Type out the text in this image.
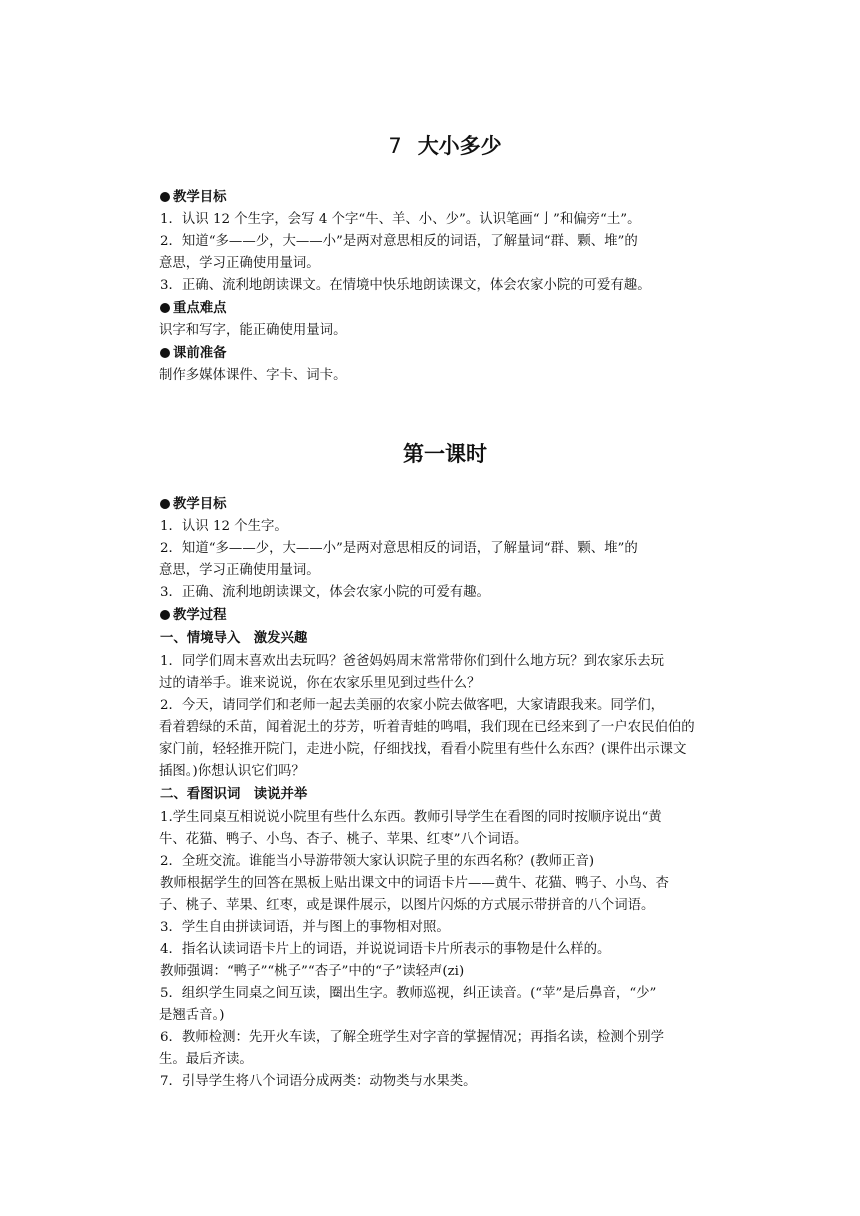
7 大小多少
教学目标
1．认识 12 个生字，会写 4 个字“牛、羊、小、少”。认识笔画“亅”和偏旁“土”。
2．知道“多——少，大——小”是两对意思相反的词语，了解量词“群、颗、堆”的
意思，学习正确使用量词。
3．正确、流利地朗读课文。在情境中快乐地朗读课文，体会农家小院的可爱有趣。
重点难点
识字和写字，能正确使用量词。
课前准备
制作多媒体课件、字卡、词卡。
第一课时
教学目标
1．认识 12 个生字。
2．知道“多——少，大——小”是两对意思相反的词语，了解量词“群、颗、堆”的
意思，学习正确使用量词。
3．正确、流利地朗读课文，体会农家小院的可爱有趣。
教学过程
一、情境导入　激发兴趣
1．同学们周末喜欢出去玩吗？爸爸妈妈周末常常带你们到什么地方玩？到农家乐去玩
过的请举手。谁来说说，你在农家乐里见到过些什么？
2．今天，请同学们和老师一起去美丽的农家小院去做客吧，大家请跟我来。同学们，
看着碧绿的禾苗，闻着泥土的芬芳，听着青蛙的鸣唱，我们现在已经来到了一户农民伯伯的
家门前，轻轻推开院门，走进小院，仔细找找，看看小院里有些什么东西？(课件出示课文
插图。)你想认识它们吗？
二、看图识词　读说并举
1.学生同桌互相说说小院里有些什么东西。教师引导学生在看图的同时按顺序说出“黄
牛、花猫、鸭子、小鸟、杏子、桃子、苹果、红枣”八个词语。
2．全班交流。谁能当小导游带领大家认识院子里的东西名称？(教师正音)
教师根据学生的回答在黑板上贴出课文中的词语卡片——黄牛、花猫、鸭子、小鸟、杏
子、桃子、苹果、红枣，或是课件展示，以图片闪烁的方式展示带拼音的八个词语。
3．学生自由拼读词语，并与图上的事物相对照。
4．指名认读词语卡片上的词语，并说说词语卡片所表示的事物是什么样的。
教师强调：“鸭子”“桃子”“杏子”中的“子”读轻声(zi)
5．组织学生同桌之间互读，圈出生字。教师巡视，纠正读音。(“苹”是后鼻音，“少”
是翘舌音。)
6．教师检测：先开火车读，了解全班学生对字音的掌握情况；再指名读，检测个别学
生。最后齐读。
7．引导学生将八个词语分成两类：动物类与水果类。
